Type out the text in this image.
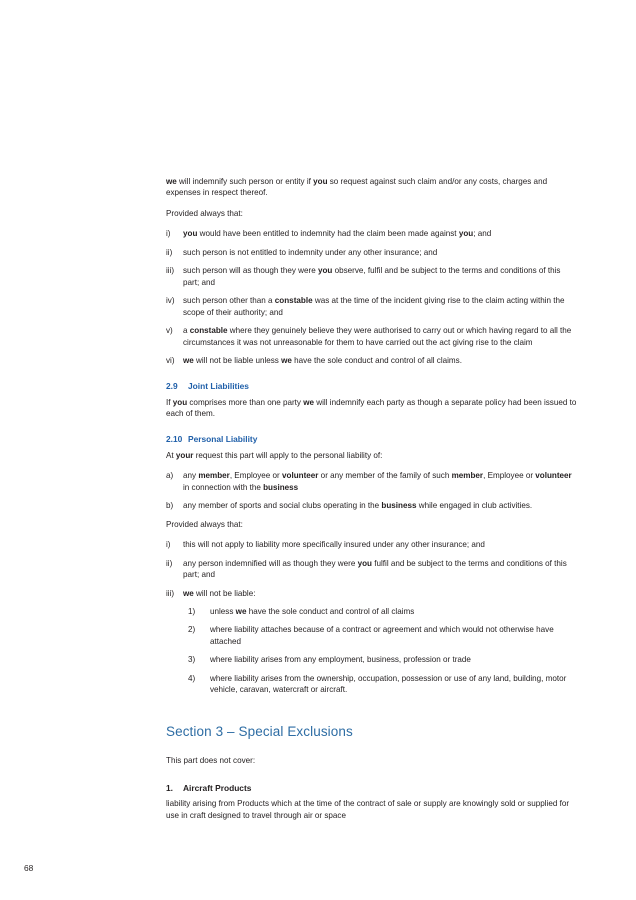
we will indemnify such person or entity if you so request against such claim and/or any costs, charges and expenses in respect thereof.

Provided always that:

i)	you would have been entitled to indemnity had the claim been made against you; and
ii)	such person is not entitled to indemnity under any other insurance; and
iii)	such person will as though they were you observe, fulfil and be subject to the terms and conditions of this part; and
iv)	such person other than a constable was at the time of the incident giving rise to the claim acting within the scope of their authority; and
v)	a constable where they genuinely believe they were authorised to carry out or which having regard to all the circumstances it was not unreasonable for them to have carried out the act giving rise to the claim
vi)	we will not be liable unless we have the sole conduct and control of all claims.
2.9	Joint Liabilities

If you comprises more than one party we will indemnify each party as though a separate policy had been issued to each of them.

2.10 Personal Liability

At your request this part will apply to the personal liability of:

a)	any member, Employee or volunteer or any member of the family of such member, Employee or volunteer in connection with the business
b)	any member of sports and social clubs operating in the business while engaged in club activities.

Provided always that:

i)	this will not apply to liability more specifically insured under any other insurance; and
ii)	any person indemnified will as though they were you fulfil and be subject to the terms and conditions of this part; and
iii)	we will not be liable:
1)	unless we have the sole conduct and control of all claims
2)	where liability attaches because of a contract or agreement and which would not otherwise have attached
3)	where liability arises from any employment, business, profession or trade
4)	where liability arises from the ownership, occupation, possession or use of any land, building, motor vehicle, caravan, watercraft or aircraft.
Section 3 – Special Exclusions

This part does not cover:

1.	Aircraft Products

liability arising from Products which at the time of the contract of sale or supply are knowingly sold or supplied for use in craft designed to travel through air or space

68
